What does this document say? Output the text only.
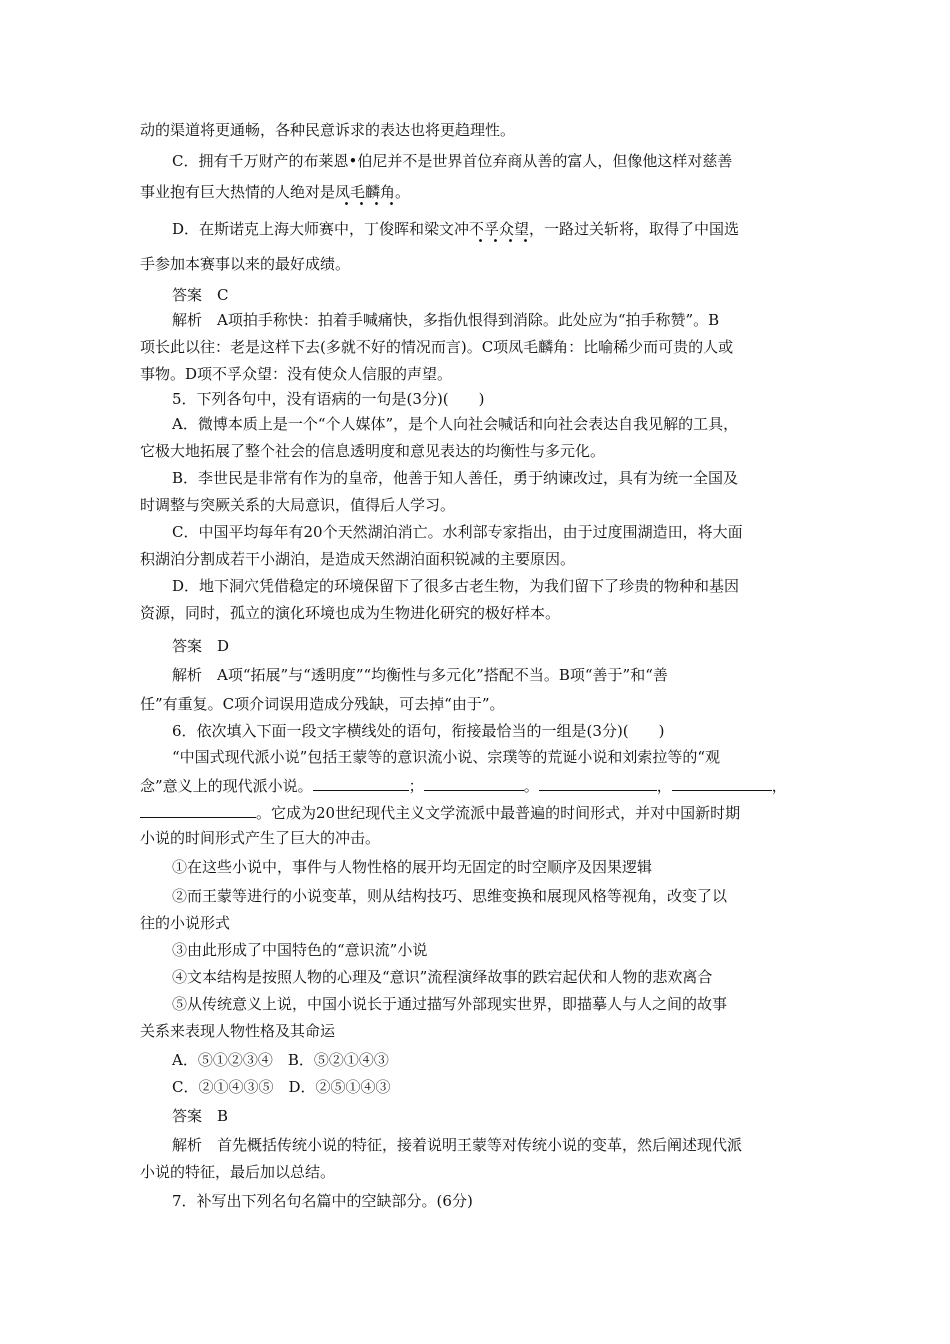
动的渠道将更通畅，各种民意诉求的表达也将更趋理性。
C．拥有千万财产的布莱恩•伯尼并不是世界首位弃商从善的富人，但像他这样对慈善
事业抱有巨大热情的人绝对是凤毛麟角。
D．在斯诺克上海大师赛中，丁俊晖和梁文冲不孚众望，一路过关斩将，取得了中国选
手参加本赛事以来的最好成绩。
答案　C
解析　A项拍手称快：拍着手喊痛快，多指仇恨得到消除。此处应为“拍手称赞”。B
项长此以往：老是这样下去(多就不好的情况而言)。C项凤毛麟角：比喻稀少而可贵的人或
事物。D项不孚众望：没有使众人信服的声望。
5．下列各句中，没有语病的一句是(3分)(　　)
A．微博本质上是一个“个人媒体”，是个人向社会喊话和向社会表达自我见解的工具，
它极大地拓展了整个社会的信息透明度和意见表达的均衡性与多元化。
B．李世民是非常有作为的皇帝，他善于知人善任，勇于纳谏改过，具有为统一全国及
时调整与突厥关系的大局意识，值得后人学习。
C．中国平均每年有20个天然湖泊消亡。水利部专家指出，由于过度围湖造田，将大面
积湖泊分割成若干小湖泊，是造成天然湖泊面积锐减的主要原因。
D．地下洞穴凭借稳定的环境保留下了很多古老生物，为我们留下了珍贵的物种和基因
资源，同时，孤立的演化环境也成为生物进化研究的极好样本。
答案　D
解析　A项“拓展”与“透明度”“均衡性与多元化”搭配不当。B项“善于”和“善
任”有重复。C项介词误用造成分残缺，可去掉“由于”。
6．依次填入下面一段文字横线处的语句，衔接最恰当的一组是(3分)(　　)
“中国式现代派小说”包括王蒙等的意识流小说、宗璞等的荒诞小说和刘索拉等的“观
念”意义上的现代派小说。	；	。	，	，
。它成为20世纪现代主义文学流派中最普遍的时间形式，并对中国新时期
小说的时间形式产生了巨大的冲击。
①在这些小说中，事件与人物性格的展开均无固定的时空顺序及因果逻辑
②而王蒙等进行的小说变革，则从结构技巧、思维变换和展现风格等视角，改变了以
往的小说形式
③由此形成了中国特色的“意识流”小说
④文本结构是按照人物的心理及“意识”流程演绎故事的跌宕起伏和人物的悲欢离合
⑤从传统意义上说，中国小说长于通过描写外部现实世界，即描摹人与人之间的故事
关系来表现人物性格及其命运
A．⑤①②③④　B．⑤②①④③
C．②①④③⑤　D．②⑤①④③
答案　B
解析　首先概括传统小说的特征，接着说明王蒙等对传统小说的变革，然后阐述现代派
小说的特征，最后加以总结。
7．补写出下列名句名篇中的空缺部分。(6分)
